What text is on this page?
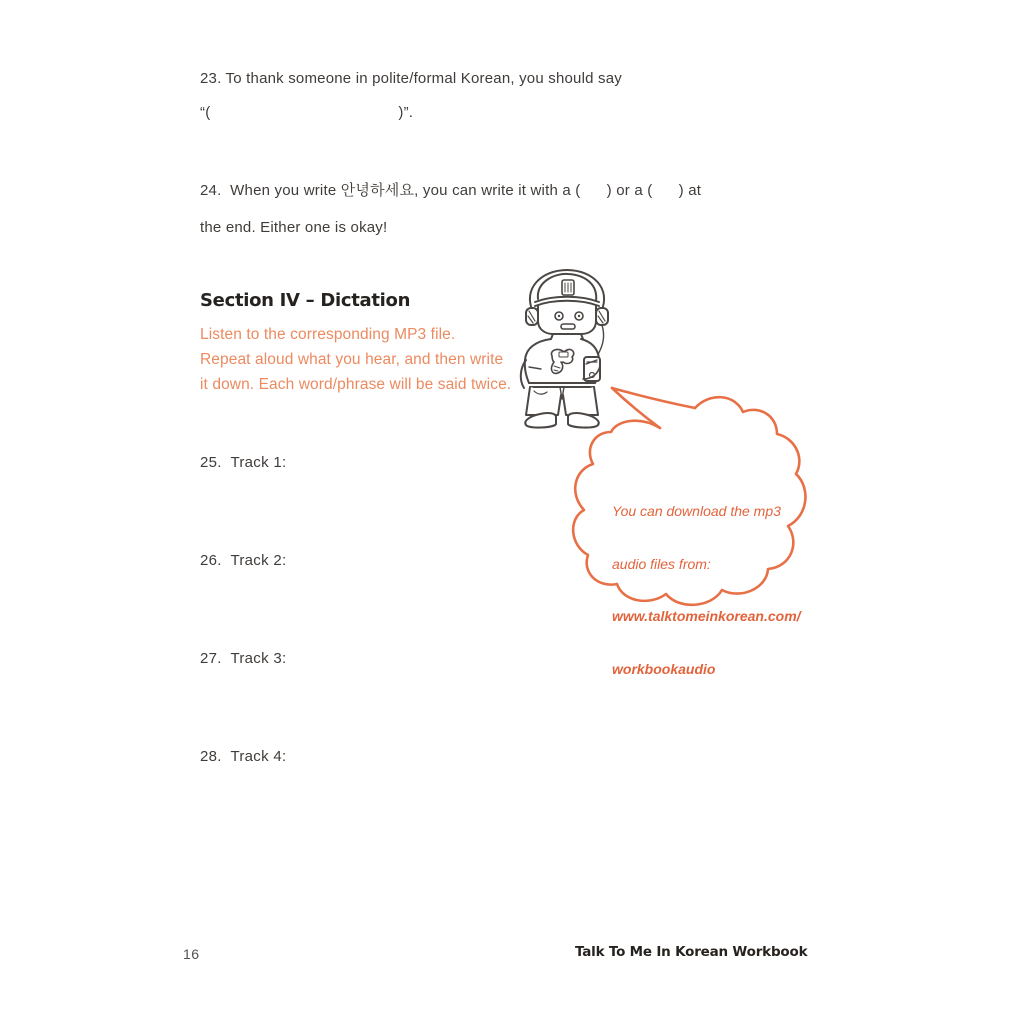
23. To thank someone in polite/formal Korean, you should say
“(	)”.
24.  When you write 안녕하세요, you can write it with a (      ) or a (      ) at
the end. Either one is okay!
Section IV – Dictation
Listen to the corresponding MP3 file.
Repeat aloud what you hear, and then write
it down. Each word/phrase will be said twice.

You can download the mp3

audio files from:

www.talktomeinkorean.com/

workbookaudio

25. Track 1:
26. Track 2:
27. Track 3:
28. Track 4:
16	Talk To Me In Korean Workbook
